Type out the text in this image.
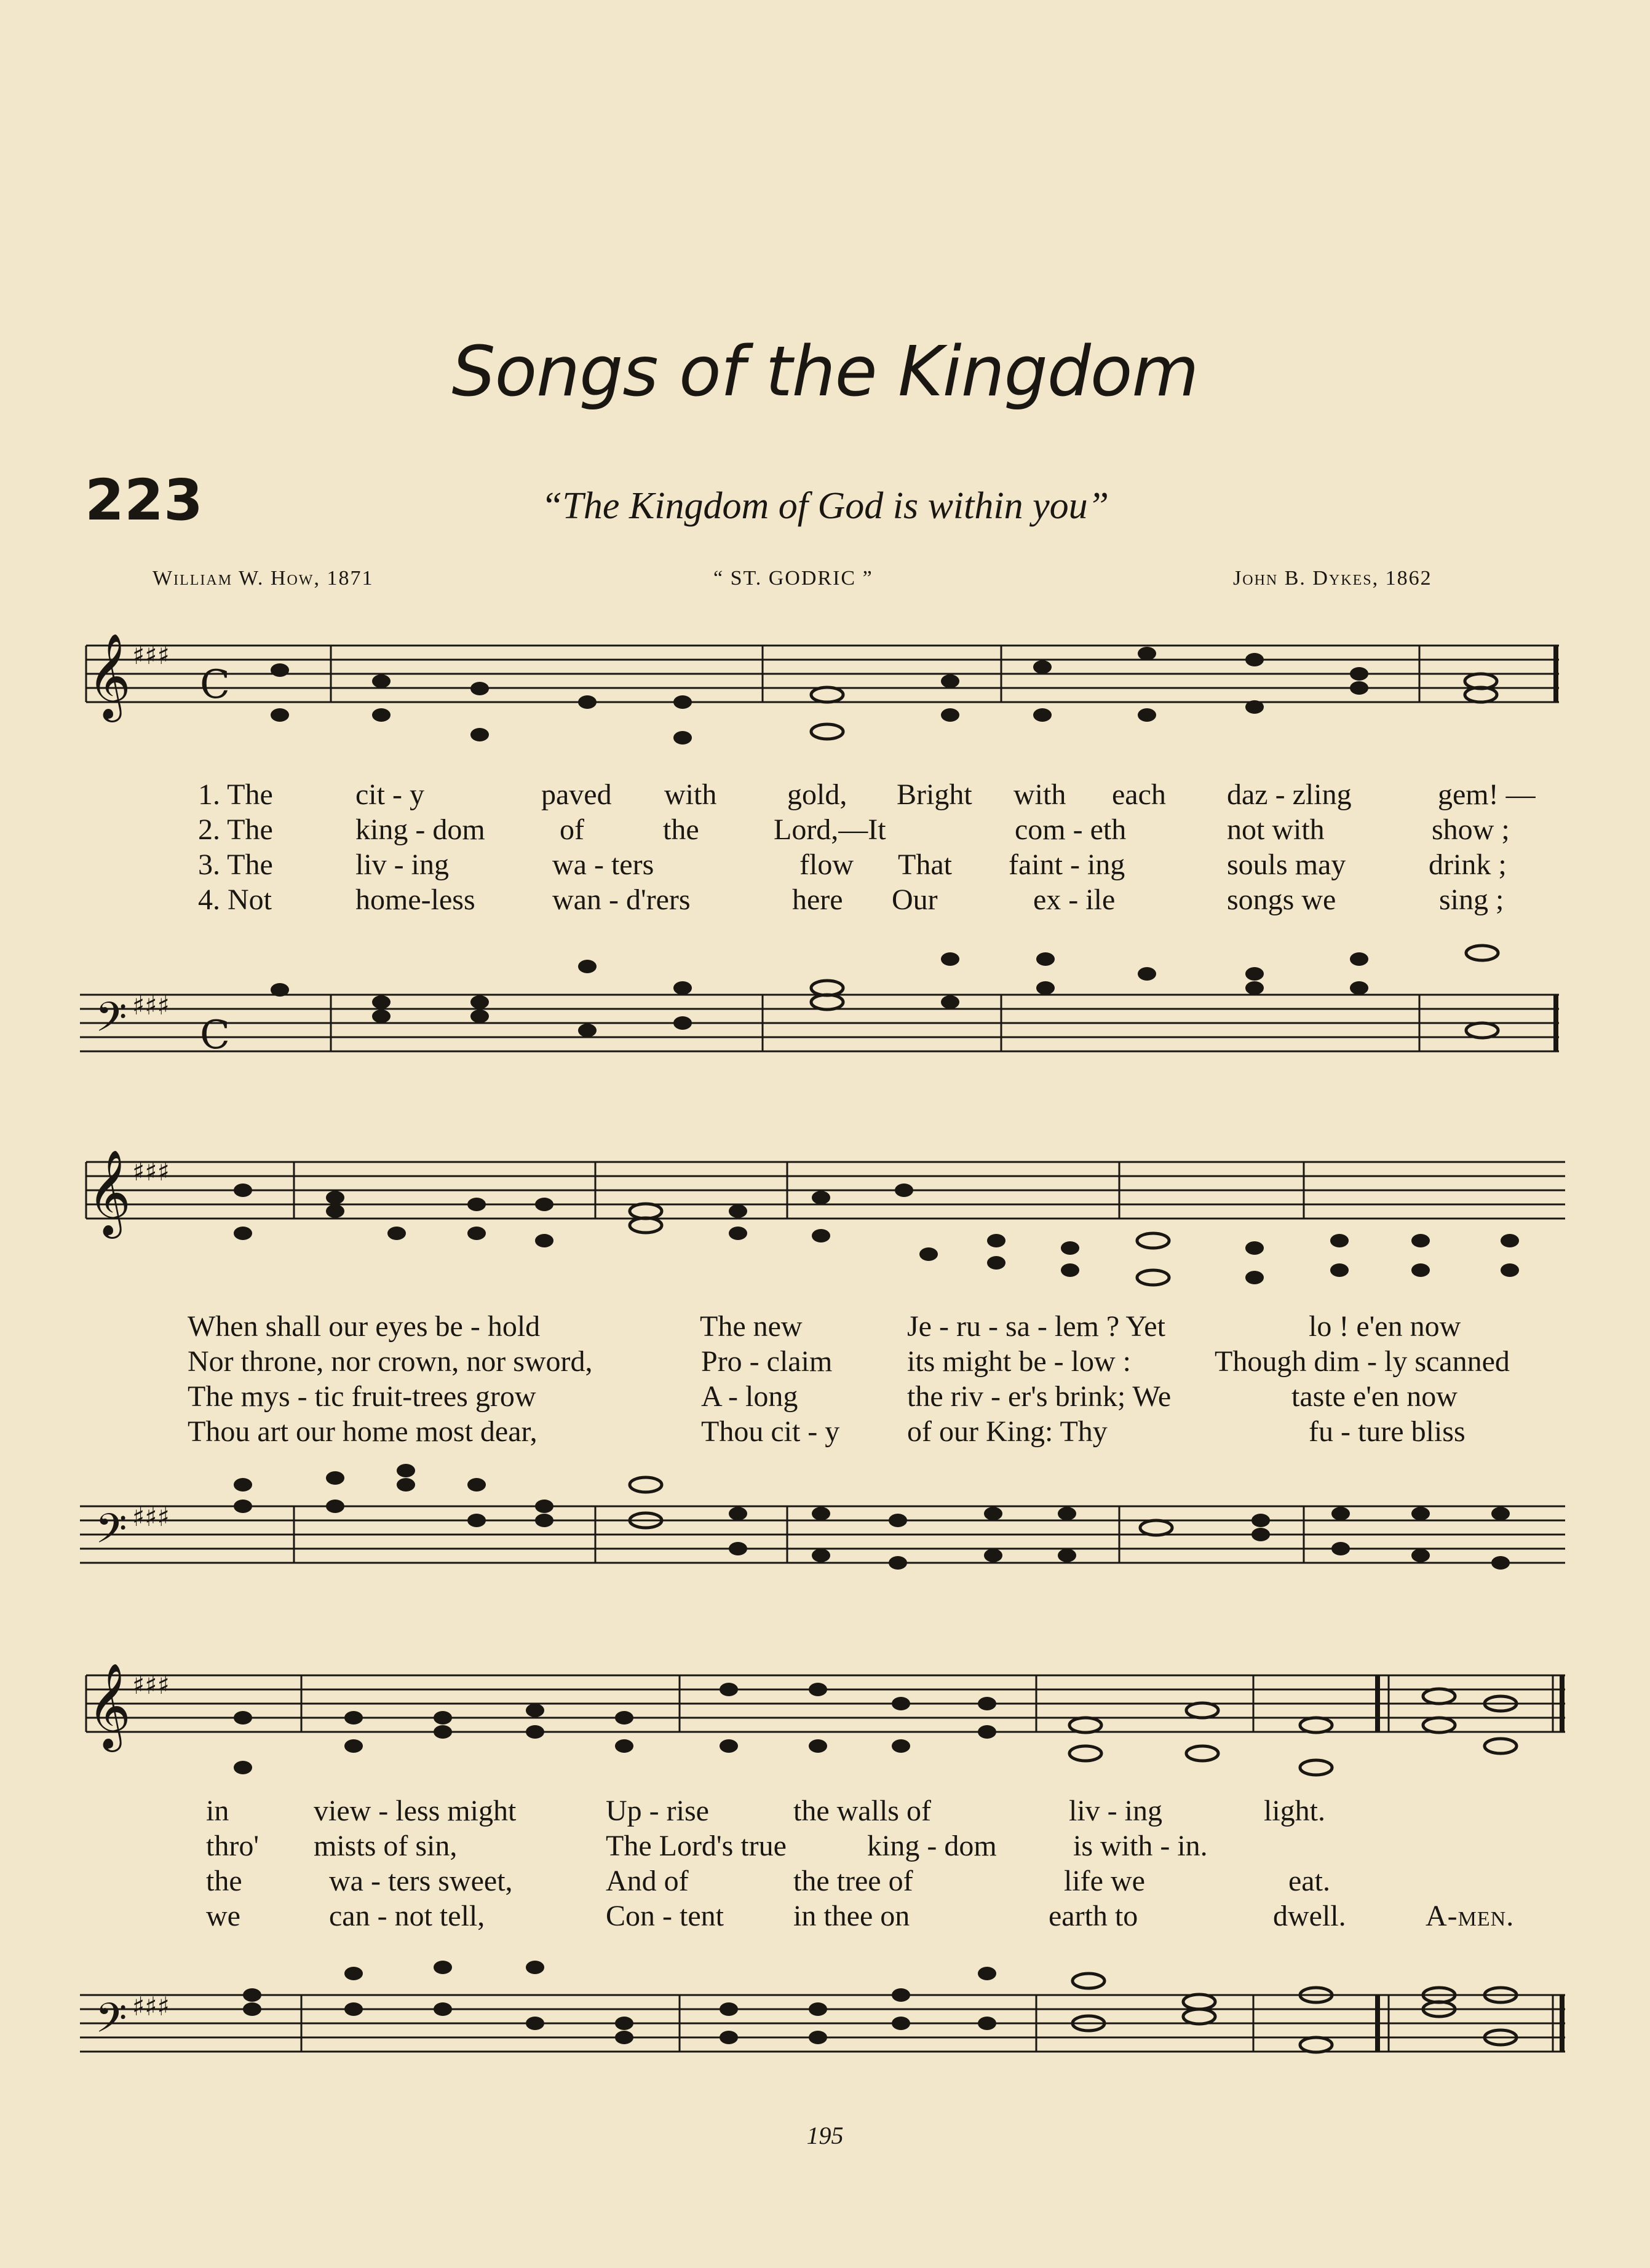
Songs of the Kingdom
223	“The Kingdom of God is within you”
William W. How, 1871	“ ST. GODRIC ”	John B. Dykes, 1862
𝄞
𝄢
♯♯♯
C
♯♯♯
C
𝄞
𝄢
♯♯♯
♯♯♯
𝄞
𝄢
♯♯♯
♯♯♯
1. The	cit - y	paved with gold, Bright with each daz - zling	gem! —
2. The	king - dom	of	the	Lord,—It	com - eth	not with	show ;
3. The	liv - ing	wa - ters	flow That faint - ing	souls may	drink ;
4. Not	home-less	wan - d'rers	here Our	ex - ile	songs we	sing ;
When shall our eyes be - hold	The new	Je - ru - sa - lem ? Yet	lo ! e'en now
Nor throne, nor crown, nor sword,	Pro - claim	its might be - low :	Though dim - ly scanned
The mys - tic fruit-trees grow	A - long	the riv - er's brink; We	taste e'en now
Thou art our home most dear,	Thou cit - y of our King: Thy	fu - ture bliss
in	view - less might	Up - rise	the walls of	liv - ing	light.
thro' mists of sin,	The Lord's true	king - dom	is with - in.
the	wa - ters sweet,	And of	the tree of	life we	eat.
we	can - not tell,	Con - tent in thee on	earth to	dwell.	A-men.
195
